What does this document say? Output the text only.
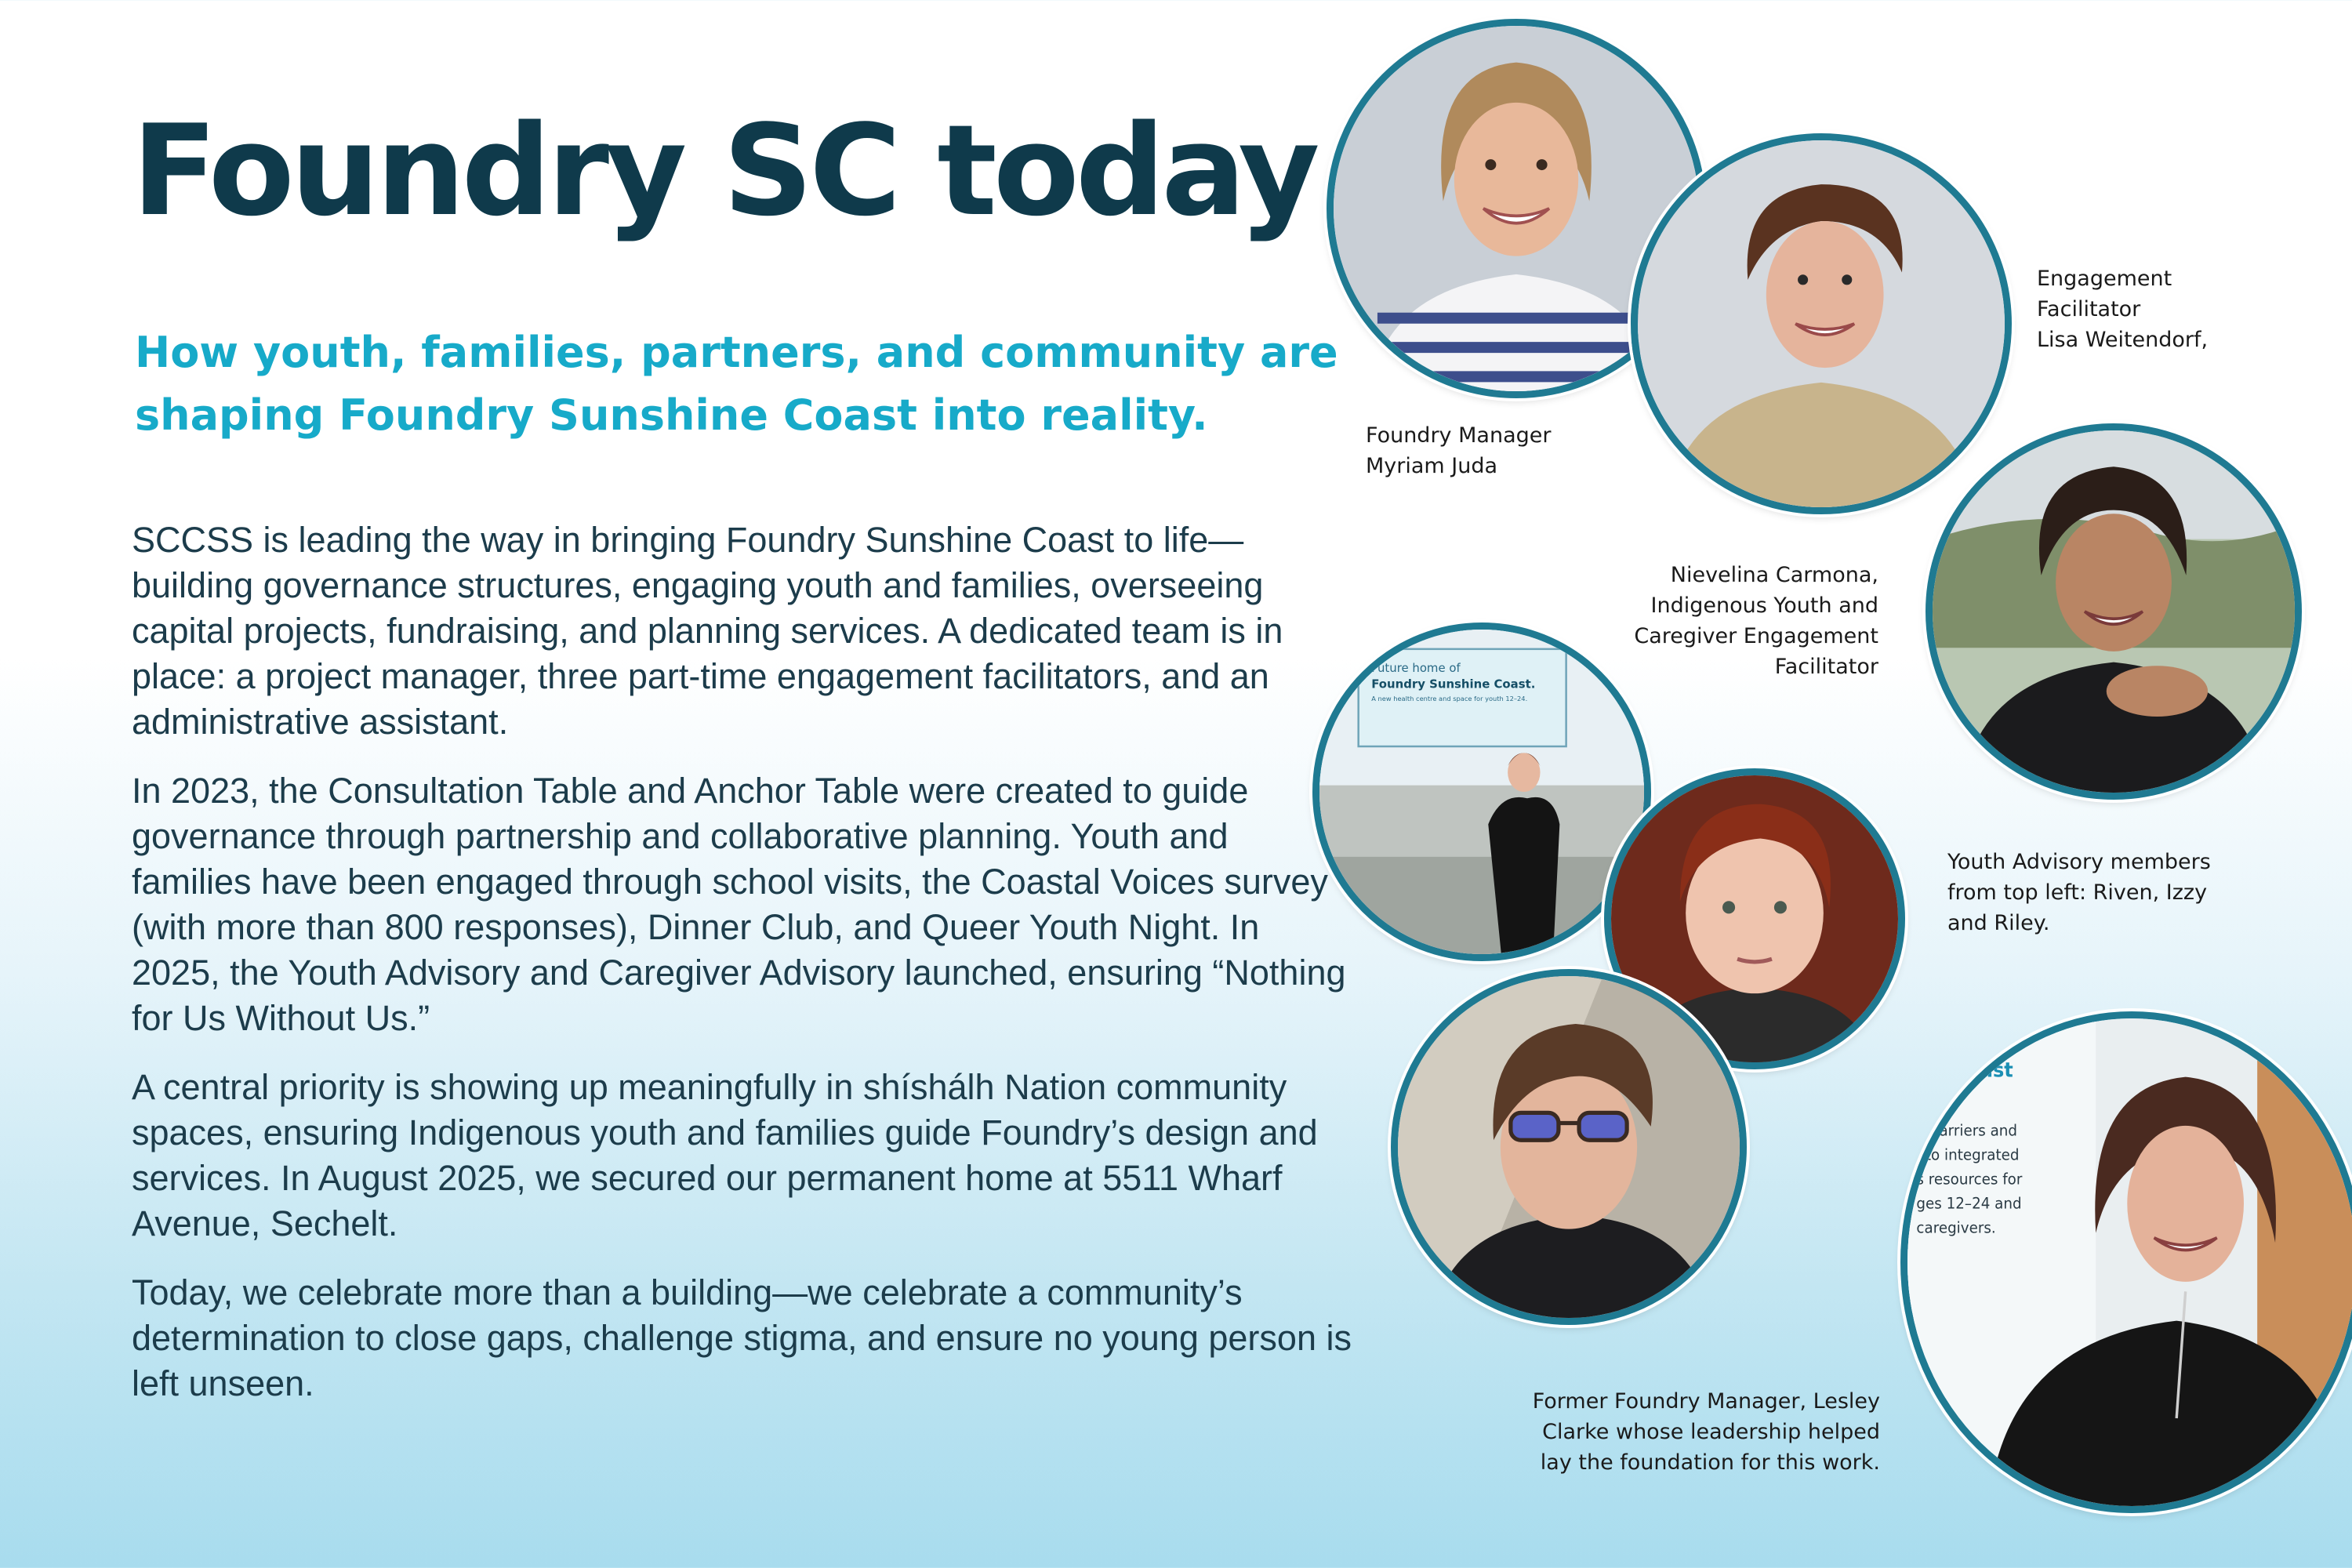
Foundry SC today
How youth, families, partners, and community are shaping Foundry Sunshine Coast into reality.

SCCSS is leading the way in bringing Foundry Sunshine Coast to life—building governance structures, engaging youth and families, overseeing capital projects, fundraising, and planning services. A dedicated team is in place: a project manager, three part-time engagement facilitators, and an administrative assistant.

In 2023, the Consultation Table and Anchor Table were created to guide governance through partnership and collaborative planning. Youth and families have been engaged through school visits, the Coastal Voices survey (with more than 800 responses), Dinner Club, and Queer Youth Night. In 2025, the Youth Advisory and Caregiver Advisory launched, ensuring “Nothing for Us Without Us.”

A central priority is showing up meaningfully in shíshálh Nation community spaces, ensuring Indigenous youth and families guide Foundry’s design and services. In August 2025, we secured our permanent home at 5511 Wharf Avenue, Sechelt.

Today, we celebrate more than a building—we celebrate a community’s determination to close gaps, challenge stigma, and ensure no young person is left unseen.

Future home of
Foundry Sunshine Coast.
A new health centre and space for youth 12–24.
ecoast
g barriers and
to integrated
s resources for
ges 12–24 and
caregivers.
Foundry Manager
Myriam Juda
Engagement
Facilitator
Lisa Weitendorf,
Nievelina Carmona,
Indigenous Youth and
Caregiver Engagement
Facilitator
Youth Advisory members
from top left: Riven, Izzy
and Riley.
Former Foundry Manager, Lesley
Clarke whose leadership helped
lay the foundation for this work.
